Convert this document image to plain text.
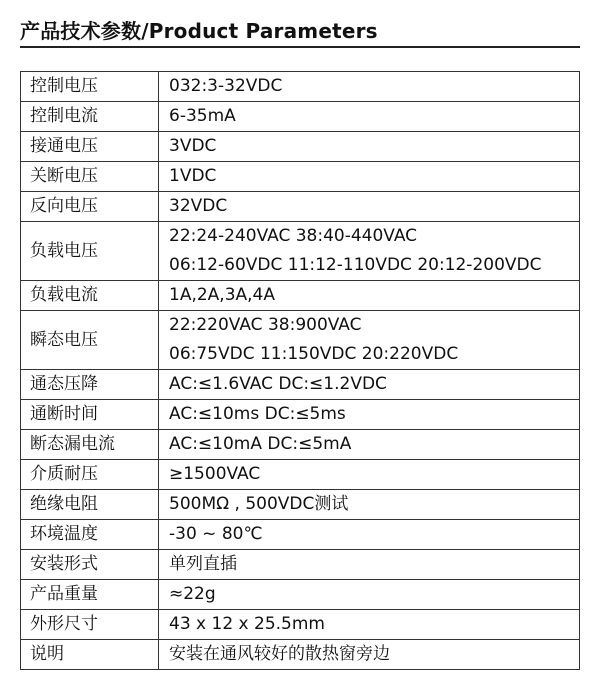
产品技术参数/Product Parameters
控制电压	032:3-32VDC

控制电流	6-35mA

接通电压	3VDC

关断电压	1VDC

反向电压	32VDC

负载电压	22:24-240VAC 38:40-440VAC
06:12-60VDC 11:12-110VDC 20:12-200VDC

负载电流	1A,2A,3A,4A

瞬态电压	22:220VAC 38:900VAC
06:75VDC 11:150VDC 20:220VDC

通态压降	AC:≤1.6VAC DC:≤1.2VDC

通断时间	AC:≤10ms DC:≤5ms

断态漏电流	AC:≤10mA DC:≤5mA

介质耐压	≥1500VAC

绝缘电阻	500MΩ , 500VDC测试

环境温度	-30 ~ 80℃

安装形式	单列直插

产品重量	≈22g

外形尺寸	43 x 12 x 25.5mm

说明	安装在通风较好的散热窗旁边
